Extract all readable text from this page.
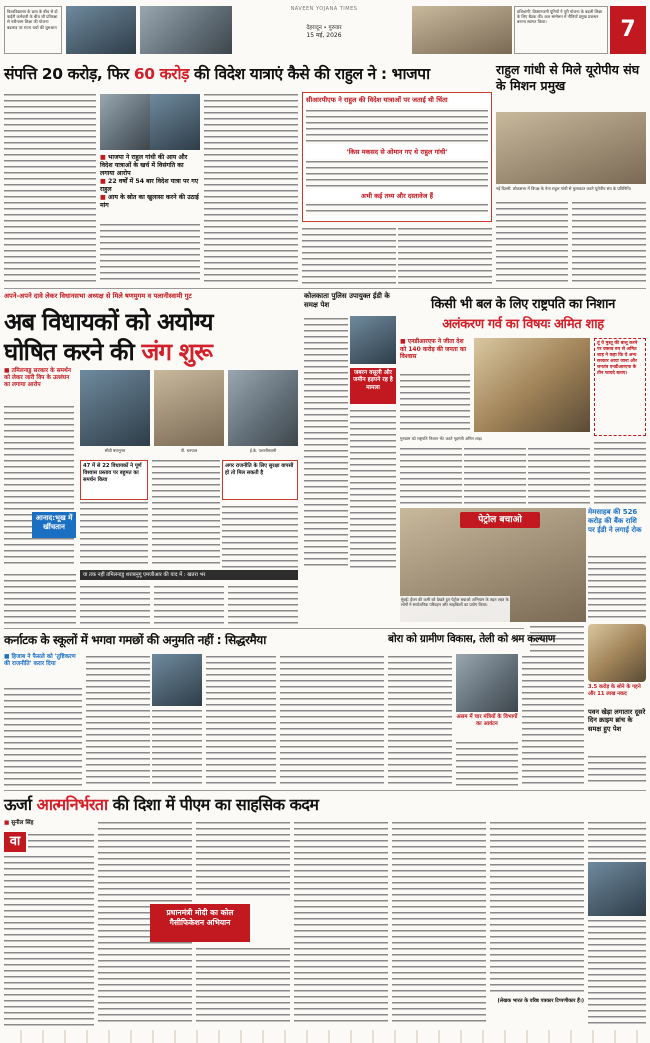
विश्वविद्यालय के छात्र के बीच से दो वाईटी कर्मचारी के बीच जी प्रतिरक्षा से नवीनतम शिक्षा की योजना बदलाव पर राज्य चर्चा की शुरुआत
NAVEEN YOJANA TIMES
देहरादून • गुरुवार
15 मई, 2026
प्रशिक्षणी: किसानजनी यूनियों ने पूरी योजना के बदली शिक्षा के लिए बैठक की। कल सम्मेलन में नीतियाँ प्रमुख प्रबन्धन बनाना स्वागत किया।	7
संपत्ति 20 करोड़, फिर 60 करोड़ की विदेश यात्राएं कैसे की राहुल ने : भाजपा
■ भाजपा ने राहुल गांधी की आय और विदेश यात्राओं के खर्च में विसंगति का लगाया आरोप
■ 22 वर्षों में 54 बार विदेश यात्रा पर गए राहुल
■ आय के स्रोत का खुलासा करने की उठाई मांग
सीआरपीएफ ने राहुल की विदेश यात्राओं पर जताई थी चिंता
'किस मकसद से ओमान गए थे राहुल गांधी'
अभी कई तथ्य और दस्तावेज हैं
राहुल गांधी से मिले यूरोपीय संघ के मिशन प्रमुख
नई दिल्ली: लोकसभा में विपक्ष के नेता राहुल गांधी से मुलाकात करते यूरोपीय संघ के प्रतिनिधि।
अपने-अपने दावे लेकर विधानसभा अध्यक्ष से मिले षणमुगम व पलानीस्वामी गुट
अब विधायकों को अयोग्य
घोषित करने की जंग शुरू
■ तमिलनाडु सरकार के समर्थन को लेकर जारी विप के उल्लंघन का लगाया आरोप
सीवी षणमुगम	पी. धनपाल	ई.के. पलानीस्वामी
आनाद:भूख में खींचतान
47 में से 22 विधायकों ने पूर्ण विश्वास प्रस्ताव पर बहुमत का समर्थन किया
अगर राजनीति के लिए सुरक्षा वापसी हो तो मिल सकती है
या तक नहीं तमिलनाडु शराबनुगू एमजीआर की याद में : खतरा भर
कोलकाता पुलिस उपायुक्त ईडी के समक्ष पेश
जबरन वसूली और जमीन हड़पने रह है मामला
किसी भी बल के लिए राष्ट्रपति का निशान
अलंकरण गर्व का विषयः अमित शाह
■ एनडीआरएफ ने जीता देश को 140 करोड़ की जनता का विश्वास
गुरुग्राम को राष्ट्रपति निशान भेंट करते गृहमंत्री अमित शाह।
तूं ये मुश्तू की बात्तू करने पर वक्तव रुप से अमित शाह ने कहा कि ये अन्य सरकार आया जाना और जनतंत्र एनडीआरएफ के तीन फायदे बताए।
पेट्रोल बचाओ
मुंबई: ईंधन की कमी को देखते हुए पेट्रोल बचाओ अभियान के तहत शहर के लोगों ने सार्वजनिक परिवहन और साइकिलों का प्रयोग किया।
मेमसाहब की 526 करोड़ की बैंक राशि पर ईडी ने लगाई रोक
3.5 करोड़ के सोने के गहने और 11 लाख नकद
कर्नाटक के स्कूलों में भगवा गमछों की अनुमति नहीं : सिद्धरमैया
■ हिजाब ने फैसले को 'तुष्टिकरण की राजनीति' करार दिया
बोरा को ग्रामीण विकास, तेली को श्रम कल्याण
असम में चार मंत्रियों के विभागों का आवंटन
पवन खेड़ा लगातार दूसरे दिन क्राइम ब्रांच के समक्ष हुए पेश
ऊर्जा आत्मनिर्भरता की दिशा में पीएम का साहसिक कदम
■ सुनील सिंह
वा
प्रधानमंत्री मोदी का कोल गैसीफिकेशन अभियान
(लेखक भारत के वरिष्ठ पत्रकार टिप्पणीकार हैं।)
